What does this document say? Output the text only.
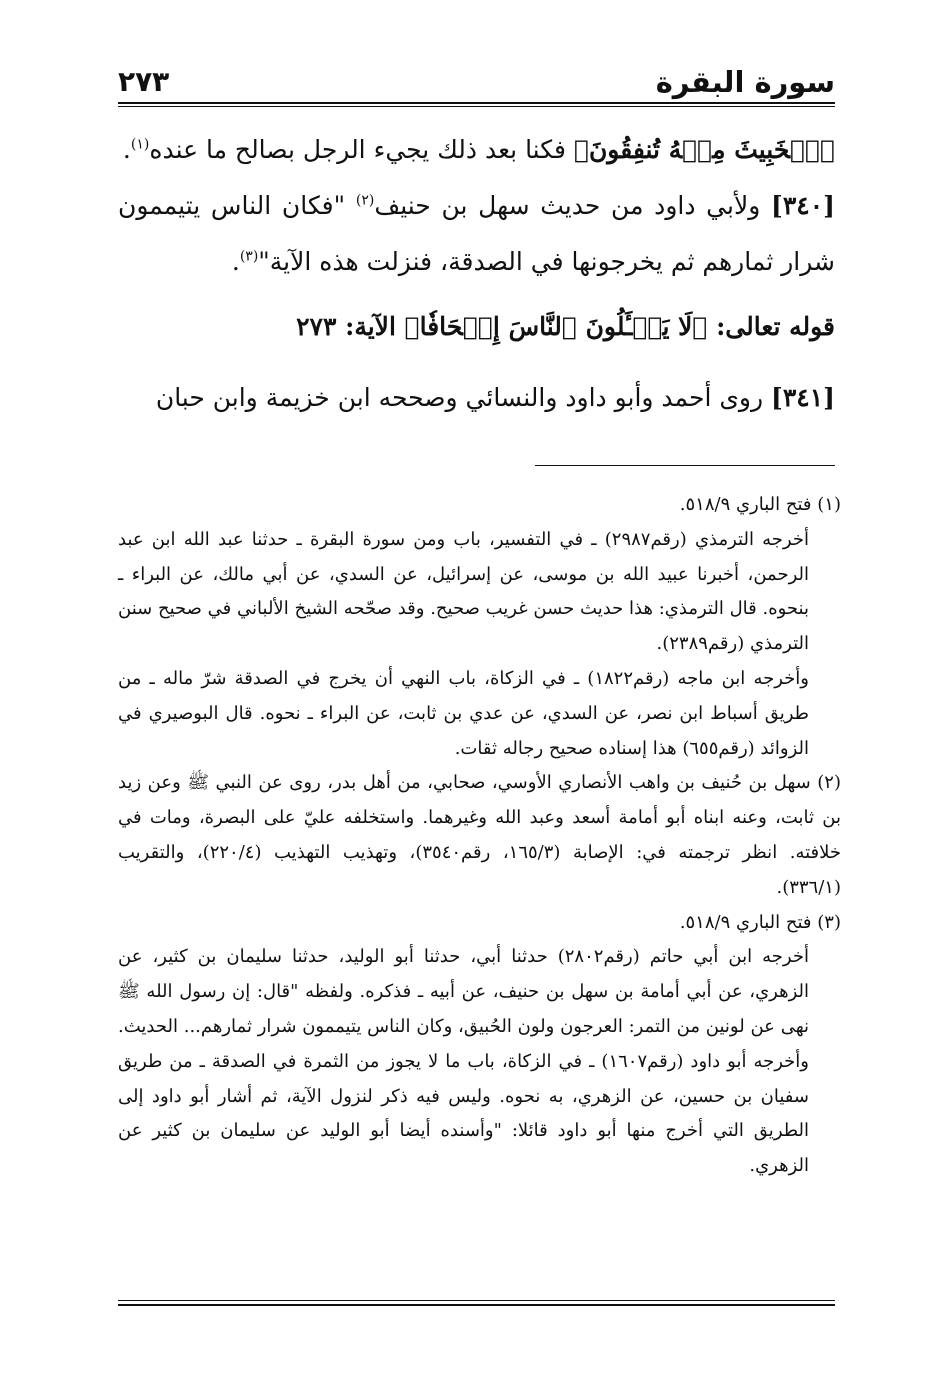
سورة البقرة
٢٧٣

ٱلۡخَبِيثَ مِنۡهُ تُنفِقُونَ﴾ فكنا بعد ذلك يجيء الرجل بصالح ما عنده$^{(١)}$.

[٣٤٠] ولأبي داود من حديث سهل بن حنيف$^{(٢)}$ "فكان الناس يتيممون شرار ثمارهم ثم يخرجونها في الصدقة، فنزلت هذه الآية"$^{(٣)}$.

قوله تعالى: ﴿لَا يَسۡـَٔلُونَ ٱلنَّاسَ إِلۡحَافٗا﴾ الآية: ٢٧٣

[٣٤١] روى أحمد وأبو داود والنسائي وصححه ابن خزيمة وابن حبان

(١) فتح الباري ٥١٨/٩.

أخرجه الترمذي (رقم٢٩٨٧) ـ في التفسير، باب ومن سورة البقرة ـ حدثنا عبد الله ابن عبد الرحمن، أخبرنا عبيد الله بن موسى، عن إسرائيل، عن السدي، عن أبي مالك، عن البراء ـ بنحوه. قال الترمذي: هذا حديث حسن غريب صحيح. وقد صحّحه الشيخ الألباني في صحيح سنن الترمذي (رقم٢٣٨٩).

وأخرجه ابن ماجه (رقم١٨٢٢) ـ في الزكاة، باب النهي أن يخرج في الصدقة شرّ ماله ـ من طريق أسباط ابن نصر، عن السدي، عن عدي بن ثابت، عن البراء ـ نحوه. قال البوصيري في الزوائد (رقم٦٥٥) هذا إسناده صحيح رجاله ثقات.

(٢) سهل بن حُنيف بن واهب الأنصاري الأوسي، صحابي، من أهل بدر، روى عن النبي ﷺ وعن زيد بن ثابت، وعنه ابناه أبو أمامة أسعد وعبد الله وغيرهما. واستخلفه عليّ على البصرة، ومات في خلافته. انظر ترجمته في: الإصابة (١٦٥/٣، رقم٣٥٤٠)، وتهذيب التهذيب (٢٢٠/٤)، والتقريب (٣٣٦/١).

(٣) فتح الباري ٥١٨/٩.

أخرجه ابن أبي حاتم (رقم٢٨٠٢) حدثنا أبي، حدثنا أبو الوليد، حدثنا سليمان بن كثير، عن الزهري، عن أبي أمامة بن سهل بن حنيف، عن أبيه ـ فذكره. ولفظه "قال: إن رسول الله ﷺ نهى عن لونين من التمر: العرجون ولون الحُبيق، وكان الناس يتيممون شرار ثمارهم... الحديث. وأخرجه أبو داود (رقم١٦٠٧) ـ في الزكاة، باب ما لا يجوز من الثمرة في الصدقة ـ من طريق سفيان بن حسين، عن الزهري، به نحوه. وليس فيه ذكر لنزول الآية، ثم أشار أبو داود إلى الطريق التي أخرج منها أبو داود قائلا: "وأسنده أيضا أبو الوليد عن سليمان بن كثير عن الزهري.
